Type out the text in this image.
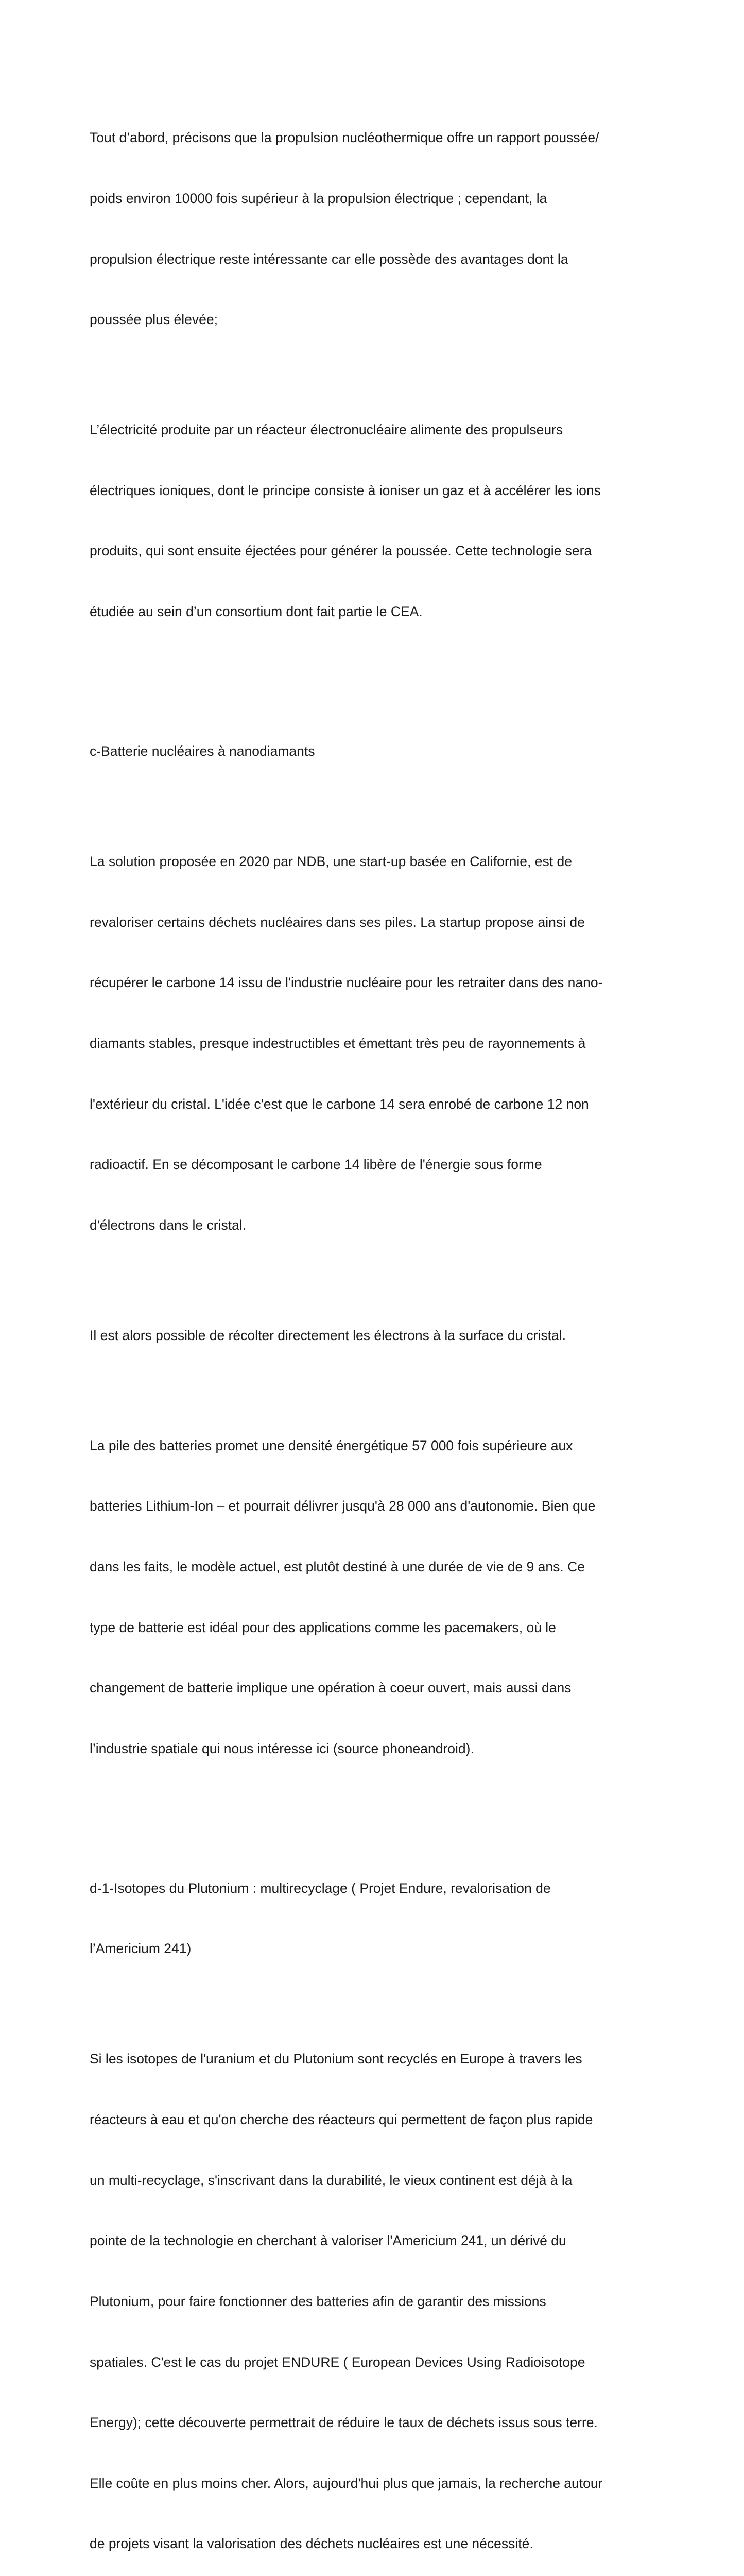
Tout d’abord, précisons que la propulsion nucléothermique offre un rapport poussée/

poids environ 10000 fois supérieur à la propulsion électrique ; cependant, la

propulsion électrique reste intéressante car elle possède des avantages dont la

poussée plus élevée;

L’électricité produite par un réacteur électronucléaire alimente des propulseurs

électriques ioniques, dont le principe consiste à ioniser un gaz et à accélérer les ions

produits, qui sont ensuite éjectées pour générer la poussée. Cette technologie sera

étudiée au sein d’un consortium dont fait partie le CEA.

c-Batterie nucléaires à nanodiamants

La solution proposée en 2020 par NDB, une start-up basée en Californie, est de

revaloriser certains déchets nucléaires dans ses piles. La startup propose ainsi de

récupérer le carbone 14 issu de l'industrie nucléaire pour les retraiter dans des nano-

diamants stables, presque indestructibles et émettant très peu de rayonnements à

l'extérieur du cristal. L'idée c'est que le carbone 14 sera enrobé de carbone 12 non

radioactif. En se décomposant le carbone 14 libère de l'énergie sous forme

d'électrons dans le cristal.

Il est alors possible de récolter directement les électrons à la surface du cristal.

La pile des batteries promet une densité énergétique 57 000 fois supérieure aux

batteries Lithium-Ion – et pourrait délivrer jusqu'à 28 000 ans d'autonomie. Bien que

dans les faits, le modèle actuel, est plutôt destiné à une durée de vie de 9 ans. Ce

type de batterie est idéal pour des applications comme les pacemakers, où le

changement de batterie implique une opération à coeur ouvert, mais aussi dans

l’industrie spatiale qui nous intéresse ici (source phoneandroid).

d-1-Isotopes du Plutonium : multirecyclage ( Projet Endure, revalorisation de

l’Americium 241)

Si les isotopes de l'uranium et du Plutonium sont recyclés en Europe à travers les

réacteurs à eau et qu'on cherche des réacteurs qui permettent de façon plus rapide

un multi-recyclage, s'inscrivant dans la durabilité, le vieux continent est déjà à la

pointe de la technologie en cherchant à valoriser l'Americium 241, un dérivé du

Plutonium, pour faire fonctionner des batteries afin de garantir des missions

spatiales. C'est le cas du projet ENDURE ( European Devices Using Radioisotope

Energy); cette découverte permettrait de réduire le taux de déchets issus sous terre.

Elle coûte en plus moins cher. Alors, aujourd'hui plus que jamais, la recherche autour

de projets visant la valorisation des déchets nucléaires est une nécessité.
